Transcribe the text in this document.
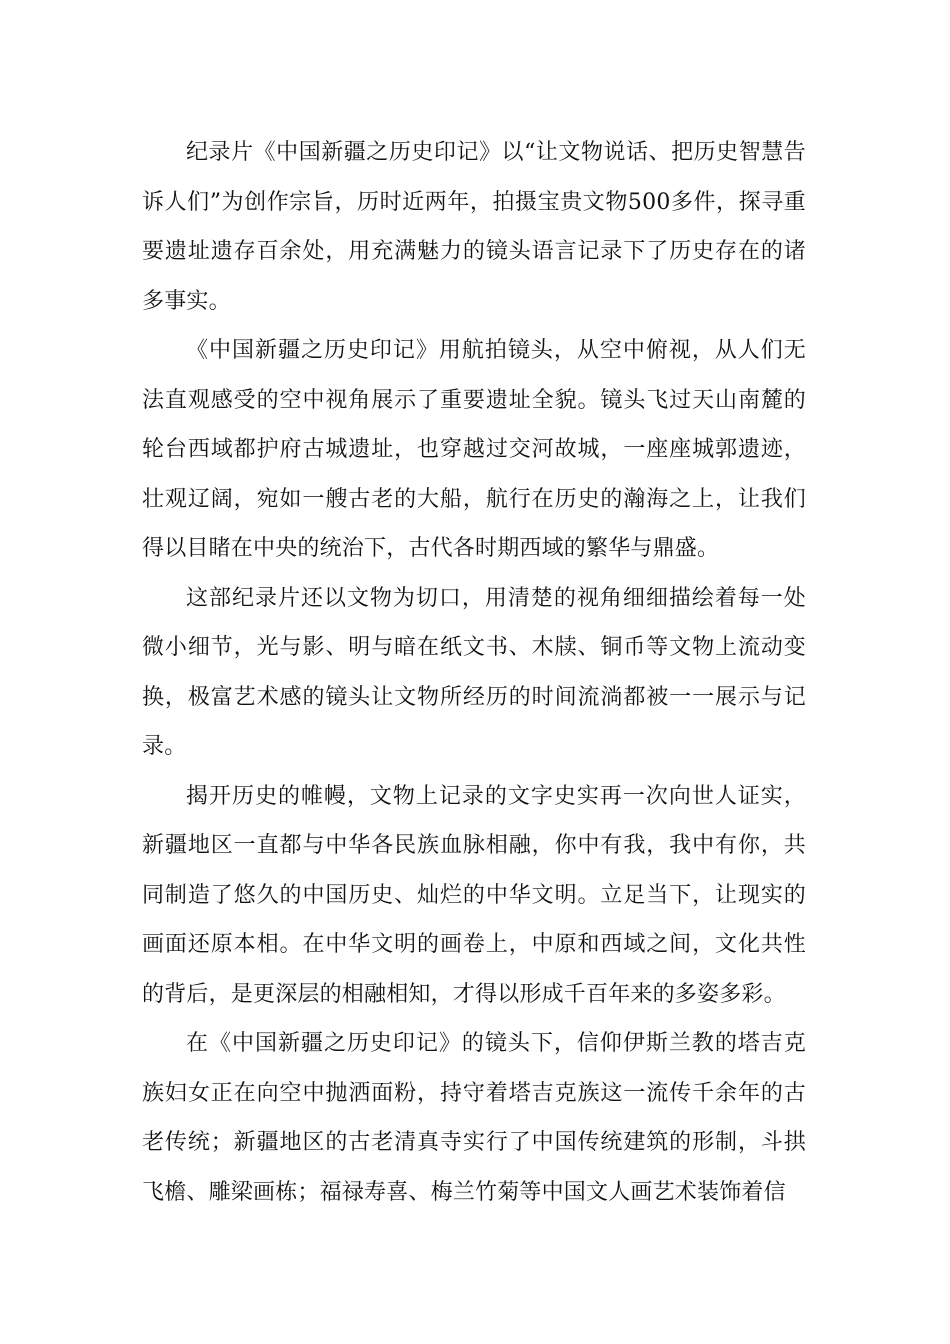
纪录片《中国新疆之历史印记》以“让文物说话、把历史智慧告诉人们”为创作宗旨，历时近两年，拍摄宝贵文物500多件，探寻重要遗址遗存百余处，用充满魅力的镜头语言记录下了历史存在的诸多事实。

《中国新疆之历史印记》用航拍镜头，从空中俯视，从人们无法直观感受的空中视角展示了重要遗址全貌。镜头飞过天山南麓的轮台西域都护府古城遗址，也穿越过交河故城，一座座城郭遗迹，壮观辽阔，宛如一艘古老的大船，航行在历史的瀚海之上，让我们得以目睹在中央的统治下，古代各时期西域的繁华与鼎盛。

这部纪录片还以文物为切口，用清楚的视角细细描绘着每一处微小细节，光与影、明与暗在纸文书、木牍、铜币等文物上流动变换，极富艺术感的镜头让文物所经历的时间流淌都被一一展示与记录。

揭开历史的帷幔，文物上记录的文字史实再一次向世人证实，新疆地区一直都与中华各民族血脉相融，你中有我，我中有你，共同制造了悠久的中国历史、灿烂的中华文明。立足当下，让现实的画面还原本相。在中华文明的画卷上，中原和西域之间，文化共性的背后，是更深层的相融相知，才得以形成千百年来的多姿多彩。

在《中国新疆之历史印记》的镜头下，信仰伊斯兰教的塔吉克族妇女正在向空中抛洒面粉，持守着塔吉克族这一流传千余年的古老传统；新疆地区的古老清真寺实行了中国传统建筑的形制，斗拱飞檐、雕梁画栋；福禄寿喜、梅兰竹菊等中国文人画艺术装饰着信
